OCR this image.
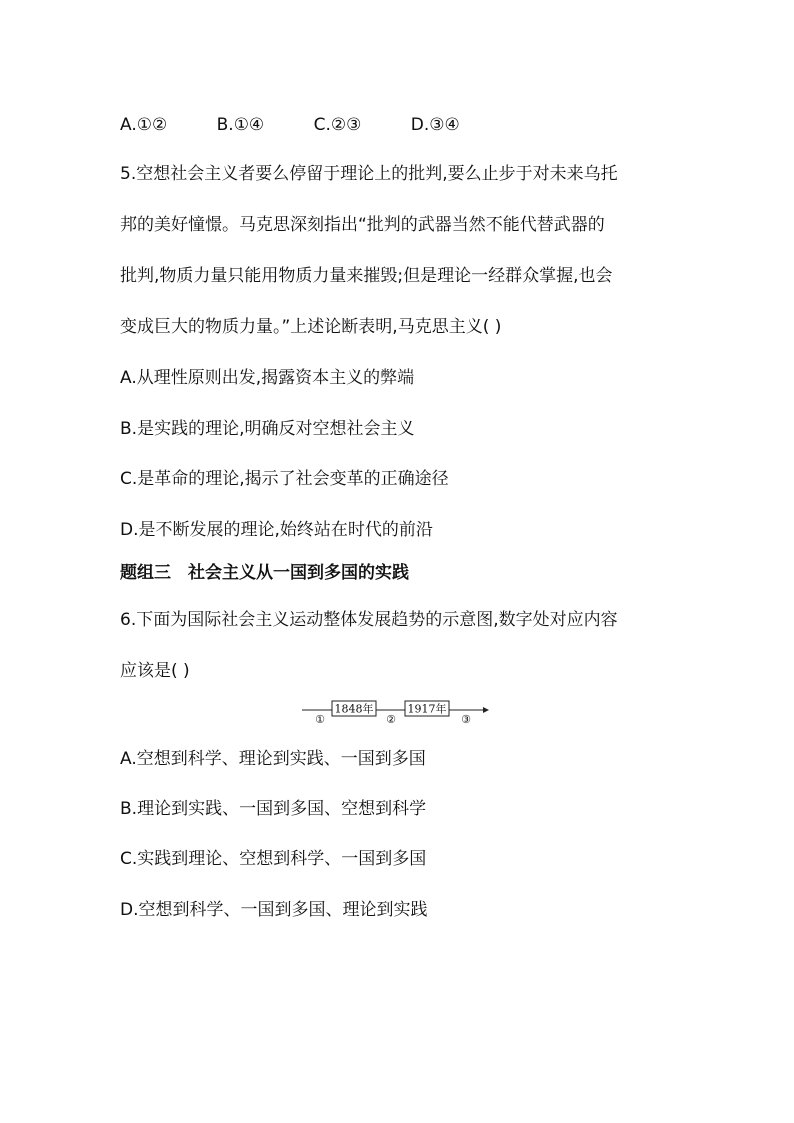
A.①②	B.①④	C.②③	D.③④
5.空想社会主义者要么停留于理论上的批判,要么止步于对未来乌托
邦的美好憧憬。马克思深刻指出“批判的武器当然不能代替武器的
批判,物质力量只能用物质力量来摧毁;但是理论一经群众掌握,也会
变成巨大的物质力量。”上述论断表明,马克思主义( )
A.从理性原则出发,揭露资本主义的弊端
B.是实践的理论,明确反对空想社会主义
C.是革命的理论,揭示了社会变革的正确途径
D.是不断发展的理论,始终站在时代的前沿
题组三　社会主义从一国到多国的实践
6.下面为国际社会主义运动整体发展趋势的示意图,数字处对应内容
应该是( )
1848年	1917年
①	②	③
A.空想到科学、理论到实践、一国到多国
B.理论到实践、一国到多国、空想到科学
C.实践到理论、空想到科学、一国到多国
D.空想到科学、一国到多国、理论到实践
